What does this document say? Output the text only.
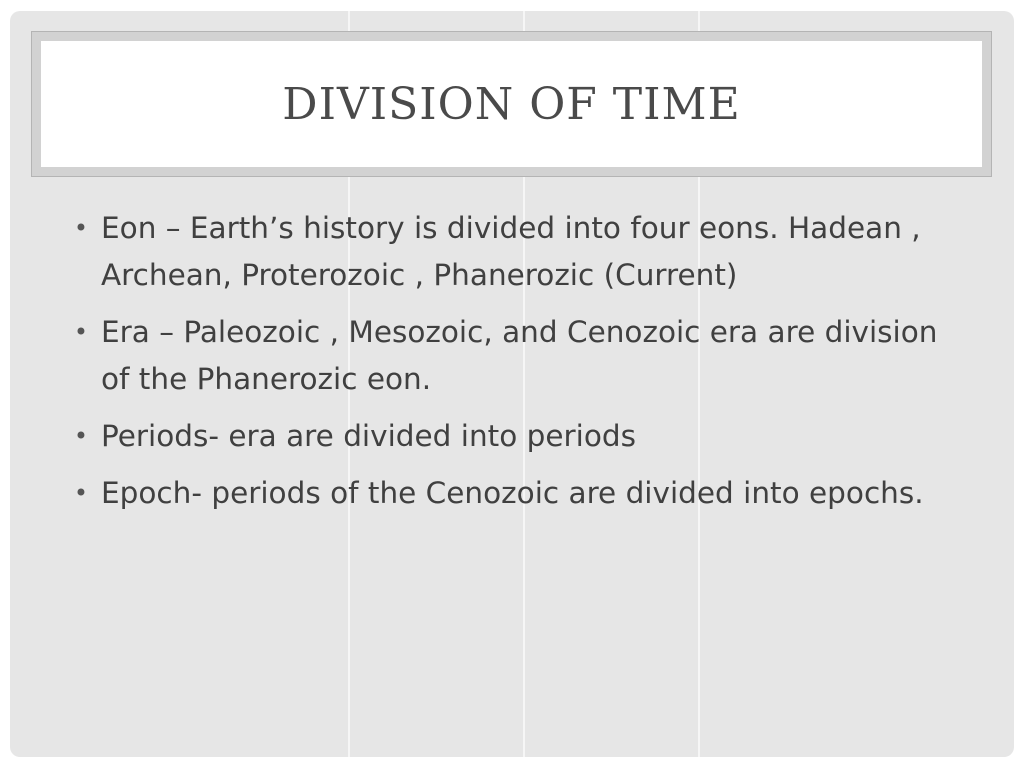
DIVISION OF TIME
• Eon – Earth’s history is divided into four eons. Hadean , Archean, Proterozoic , Phanerozic (Current)
• Era – Paleozoic , Mesozoic, and Cenozoic era are division of the Phanerozic eon.
• Periods- era are divided into periods
• Epoch- periods of the Cenozoic are divided into epochs.
